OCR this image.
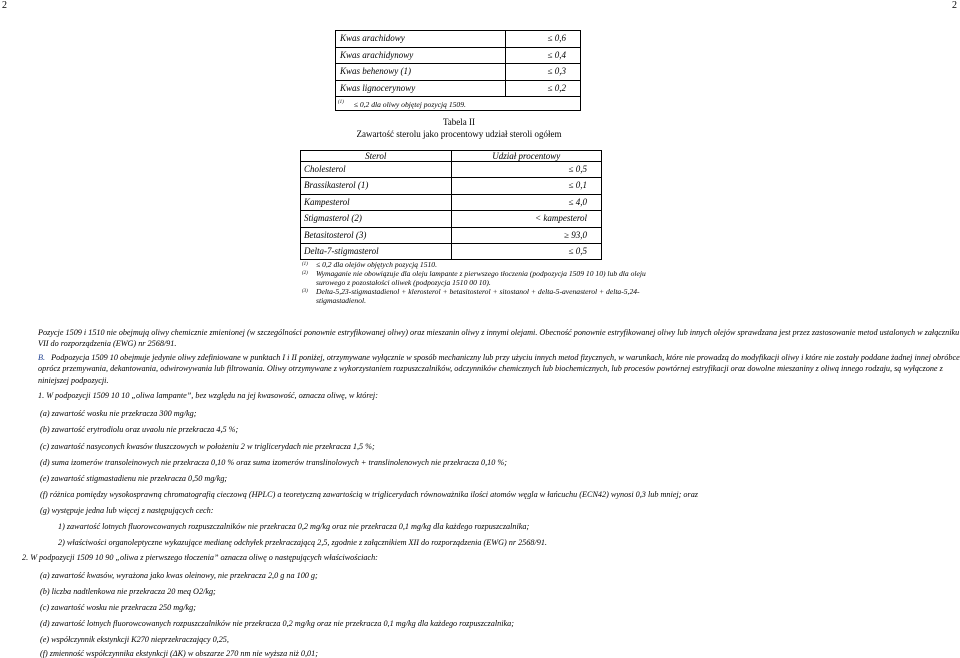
2	2
Kwas arachidowy	≤ 0,6
Kwas arachidynowy	≤ 0,4
Kwas behenowy (1)	≤ 0,3
Kwas lignocerynowy	≤ 0,2
$^{(1)}$ ≤ 0,2 dla oliwy objętej pozycją 1509.	
Tabela II
Zawartość sterolu jako procentowy udział steroli ogółem
Sterol	Udział procentowy
Cholesterol	≤ 0,5
Brassikasterol (1)	≤ 0,1
Kampesterol	≤ 4,0
Stigmasterol (2)	< kampesterol
Betasitosterol (3)	≥ 93,0
Delta-7-stigmasterol	≤ 0,5
(1)	≤ 0,2 dla olejów objętych pozycją 1510.
(2)	Wymaganie nie obowiązuje dla oleju lampante z pierwszego tłoczenia (podpozycja 1509 10 10) lub dla oleju surowego z pozostałości oliwek (podpozycja 1510 00 10).
(3)	Delta-5,23-stigmastadienol + klerosterol + betasitosterol + sitostanol + delta-5-avenasterol + delta-5,24-stigmastadienol.
Pozycje 1509 i 1510 nie obejmują oliwy chemicznie zmienionej (w szczególności ponownie estryfikowanej oliwy) oraz mieszanin oliwy z innymi olejami. Obecność ponownie estryfikowanej oliwy lub innych olejów sprawdzana jest przez zastosowanie metod ustalonych w załączniku VII do rozporządzenia (EWG) nr 2568/91.
B. Podpozycja 1509 10 obejmuje jedynie oliwy zdefiniowane w punktach I i II poniżej, otrzymywane wyłącznie w sposób mechaniczny lub przy użyciu innych metod fizycznych, w warunkach, które nie prowadzą do modyfikacji oliwy i które nie zostały poddane żadnej innej obróbce oprócz przemywania, dekantowania, odwirowywania lub filtrowania. Oliwy otrzymywane z wykorzystaniem rozpuszczalników, odczynników chemicznych lub biochemicznych, lub procesów powtórnej estryfikacji oraz dowolne mieszaniny z oliwą innego rodzaju, są wyłączone z niniejszej podpozycji.
1. W podpozycji 1509 10 10 „oliwa lampante”, bez względu na jej kwasowość, oznacza oliwę, w której:
(a) zawartość wosku nie przekracza 300 mg/kg;
(b) zawartość erytrodiolu oraz uvaolu nie przekracza 4,5 %;
(c) zawartość nasyconych kwasów tłuszczowych w położeniu 2 w triglicerydach nie przekracza 1,5 %;
(d) suma izomerów transoleinowych nie przekracza 0,10 % oraz suma izomerów translinolowych + translinolenowych nie przekracza 0,10 %;
(e) zawartość stigmastadienu nie przekracza 0,50 mg/kg;
(f) różnica pomiędzy wysokosprawną chromatografią cieczową (HPLC) a teoretyczną zawartością w triglicerydach równoważnika ilości atomów węgla w łańcuchu (ECN42) wynosi 0,3 lub mniej; oraz
(g) występuje jedna lub więcej z następujących cech:
1) zawartość lotnych fluorowcowanych rozpuszczalników nie przekracza 0,2 mg/kg oraz nie przekracza 0,1 mg/kg dla każdego rozpuszczalnika;
2) właściwości organoleptyczne wykazujące medianę odchyłek przekraczającą 2,5, zgodnie z załącznikiem XII do rozporządzenia (EWG) nr 2568/91.
2. W podpozycji 1509 10 90 „oliwa z pierwszego tłoczenia” oznacza oliwę o następujących właściwościach:
(a) zawartość kwasów, wyrażona jako kwas oleinowy, nie przekracza 2,0 g na 100 g;
(b) liczba nadtlenkowa nie przekracza 20 meq O2/kg;
(c) zawartość wosku nie przekracza 250 mg/kg;
(d) zawartość lotnych fluorowcowanych rozpuszczalników nie przekracza 0,2 mg/kg oraz nie przekracza 0,1 mg/kg dla każdego rozpuszczalnika;
(e) współczynnik ekstynkcji K270 nieprzekraczający 0,25,
(f) zmienność współczynnika ekstynkcji (ΔK) w obszarze 270 nm nie wyższa niż 0,01;
